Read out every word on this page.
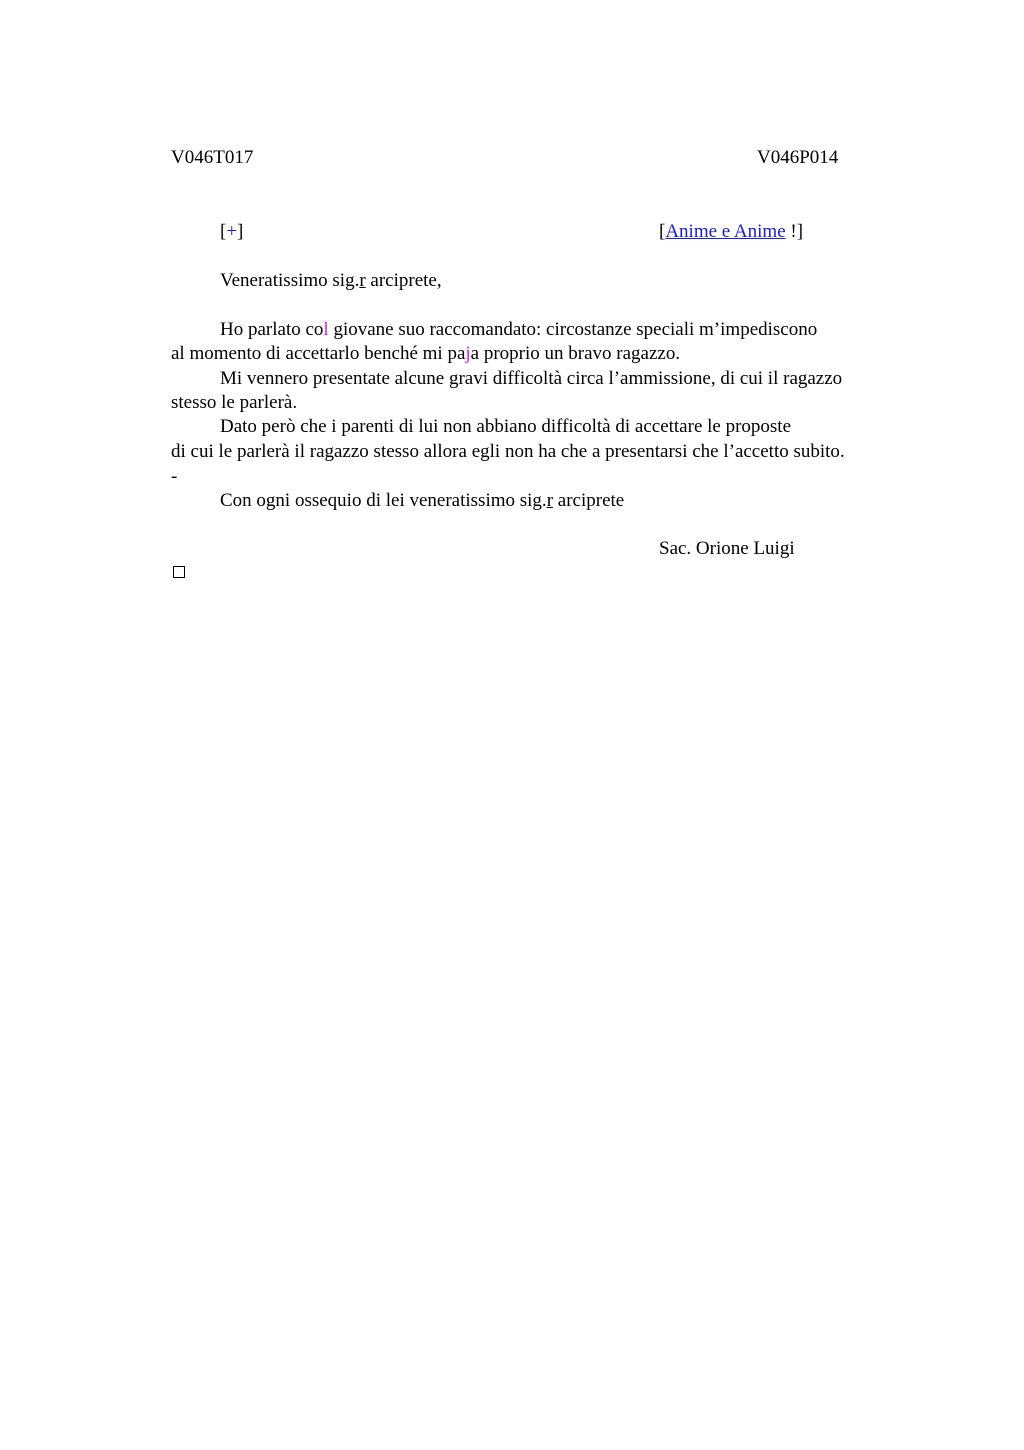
V046T017	V046P014
[+]	[Anime e Anime !]
Veneratissimo sig.r arciprete,
Ho parlato col giovane suo raccomandato: circostanze speciali m’impediscono
al momento di accettarlo benché mi paja proprio un bravo ragazzo.
Mi vennero presentate alcune gravi difficoltà circa l’ammissione, di cui il ragazzo
stesso le parlerà.
Dato però che i parenti di lui non abbiano difficoltà di accettare le proposte
di cui le parlerà il ragazzo stesso allora egli non ha che a presentarsi che l’accetto subito.
-
Con ogni ossequio di lei veneratissimo sig.r arciprete
Sac. Orione Luigi
